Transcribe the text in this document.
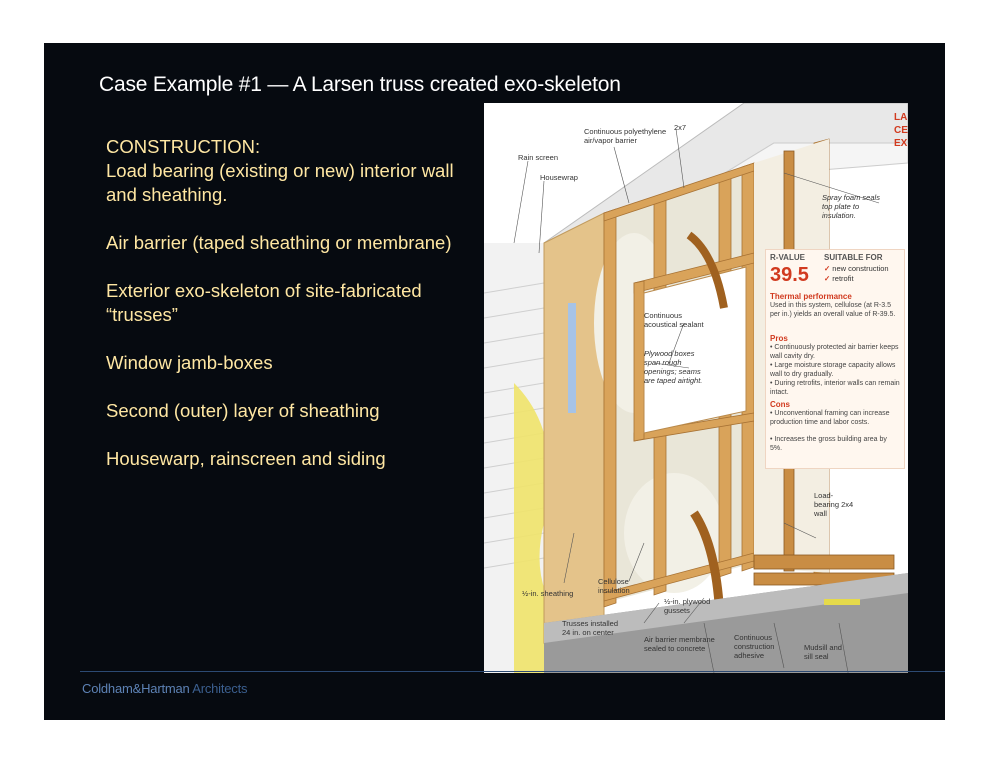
Case Example #1 — A Larsen truss created exo-skeleton
CONSTRUCTION:
Load bearing (existing or new) interior wall and sheathing.
Air barrier (taped sheathing or membrane)
Exterior exo-skeleton of site-fabricated “trusses”
Window jamb-boxes
Second (outer) layer of sheathing
Housewarp, rainscreen and siding
Rain screen
Housewrap
Continuous polyethylene air/vapor barrier
2x7
Spray foam seals top plate to insulation.
Continuous acoustical sealant
Plywood boxes span rough openings; seams are taped airtight.
Load-bearing 2x4 wall
½-in. sheathing
Cellulose insulation
Trusses installed 24 in. on center
½-in. plywood gussets
Air barrier membrane sealed to concrete
Continuous construction adhesive
Mudsill and sill seal
R-VALUE
39.5
SUITABLE FOR
✓ new construction
✓ retrofit
Thermal performance
Used in this system, cellulose (at R-3.5 per in.) yields an overall value of R-39.5.
Pros
• Continuously protected air barrier keeps wall cavity dry.
• Large moisture storage capacity allows wall to dry gradually.
• During retrofits, interior walls can remain intact.
Cons
• Unconventional framing can increase production time and labor costs.
• Increases the gross building area by 5%.
LA
CE
EX
Coldham&Hartman Architects
